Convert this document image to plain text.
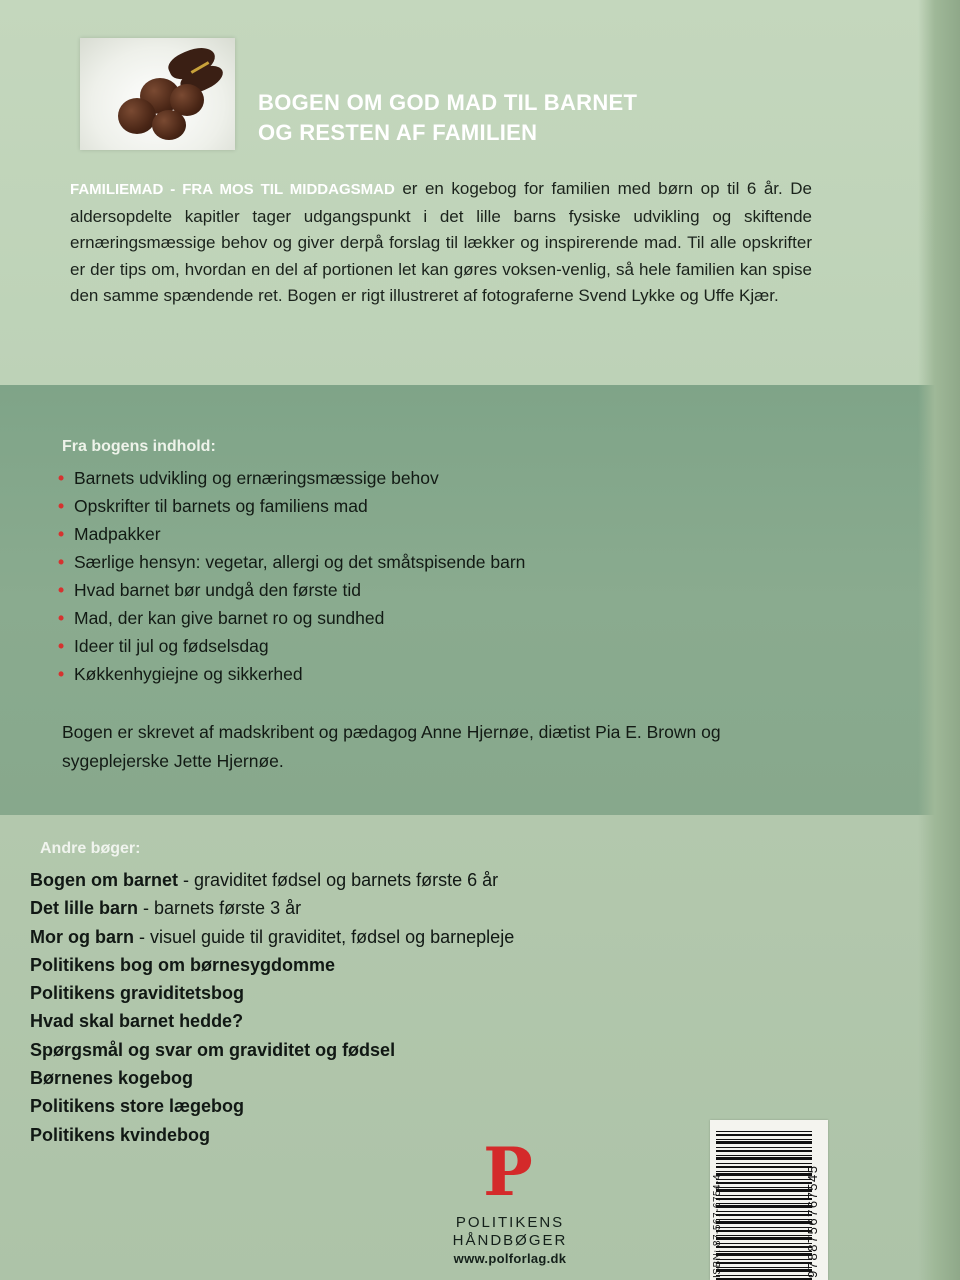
BOGEN OM GOD MAD TIL BARNET
OG RESTEN AF FAMILIEN
FAMILIEMAD - FRA MOS TIL MIDDAGSMAD er en kogebog for familien med børn op til 6 år. De aldersopdelte kapitler tager udgangspunkt i det lille barns fysiske udvikling og skiftende ernæringsmæssige behov og giver derpå forslag til lækker og inspirerende mad. Til alle opskrifter er der tips om, hvordan en del af portionen let kan gøres voksen-venlig, så hele familien kan spise den samme spændende ret. Bogen er rigt illustreret af fotograferne Svend Lykke og Uffe Kjær.
Fra bogens indhold:
• Barnets udvikling og ernæringsmæssige behov
• Opskrifter til barnets og familiens mad
• Madpakker
• Særlige hensyn: vegetar, allergi og det småtspisende barn
• Hvad barnet bør undgå den første tid
• Mad, der kan give barnet ro og sundhed
• Ideer til jul og fødselsdag
• Køkkenhygiejne og sikkerhed
Bogen er skrevet af madskribent og pædagog Anne Hjernøe, diætist Pia E. Brown og sygeplejerske Jette Hjernøe.
Andre bøger:
Bogen om barnet - graviditet fødsel og barnets første 6 år
Det lille barn - barnets første 3 år
Mor og barn - visuel guide til graviditet, fødsel og barnepleje
Politikens bog om børnesygdomme
Politikens graviditetsbog
Hvad skal barnet hedde?
Spørgsmål og svar om graviditet og fødsel
Børnenes kogebog
Politikens store lægebog
Politikens kvindebog	P
POLITIKENS
HÅNDBØGER
www.polforlag.dk	ISBN: 87-567-6754-4	9788756767545
